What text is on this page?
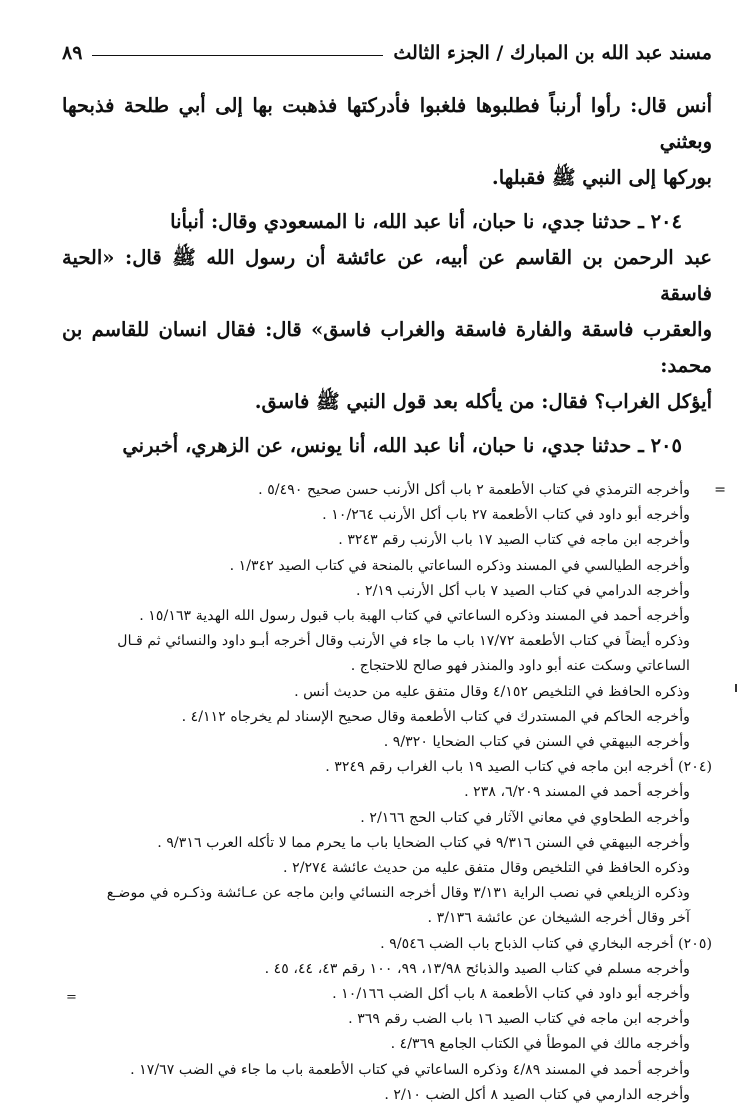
مسند عبد الله بن المبارك / الجزء الثالث
٨٩

أنس قال: رأوا أرنباً فطلبوها فلغبوا فأدركتها فذهبت بها إلى أبي طلحة فذبحها وبعثني
بوركها إلى النبي ﷺ فقبلها.

٢٠٤ ـ حدثنا جدي، نا حبان، أنا عبد الله، نا المسعودي وقال: أنبأنا
عبد الرحمن بن القاسم عن أبيه، عن عائشة أن رسول الله ﷺ قال: «الحية فاسقة
والعقرب فاسقة والفارة فاسقة والغراب فاسق» قال: فقال انسان للقاسم بن محمد:
أيؤكل الغراب؟ فقال: من يأكله بعد قول النبي ﷺ فاسق.

٢٠٥ ـ حدثنا جدي، نا حبان، أنا عبد الله، أنا يونس، عن الزهري، أخبرني

=
وأخرجه الترمذي في كتاب الأطعمة ٢ باب أكل الأرنب حسن صحيح ٥/٤٩٠ .
وأخرجه أبو داود في كتاب الأطعمة ٢٧ باب أكل الأرنب ١٠/٢٦٤ .
وأخرجه ابن ماجه في كتاب الصيد ١٧ باب الأرنب رقم ٣٢٤٣ .
وأخرجه الطيالسي في المسند وذكره الساعاتي بالمنحة في كتاب الصيد ١/٣٤٢ .
وأخرجه الدرامي في كتاب الصيد ٧ باب أكل الأرنب ٢/١٩ .
وأخرجه أحمد في المسند وذكره الساعاتي في كتاب الهبة باب قبول رسول الله الهدية ١٥/١٦٣ .
وذكره أيضاً في كتاب الأطعمة ١٧/٧٢ باب ما جاء في الأرنب وقال أخرجه أبـو داود والنسائي ثم قـال
الساعاتي وسكت عنه أبو داود والمنذر فهو صالح للاحتجاج .
وذكره الحافظ في التلخيص ٤/١٥٢ وقال متفق عليه من حديث أنس .
وأخرجه الحاكم في المستدرك في كتاب الأطعمة وقال صحيح الإسناد لم يخرجاه ٤/١١٢ .
وأخرجه البيهقي في السنن في كتاب الضحايا ٩/٣٢٠ .
(٢٠٤) أخرجه ابن ماجه في كتاب الصيد ١٩ باب الغراب رقم ٣٢٤٩ .
وأخرجه أحمد في المسند ٦/٢٠٩، ٢٣٨ .
وأخرجه الطحاوي في معاني الآثار في كتاب الحج ٢/١٦٦ .
وأخرجه البيهقي في السنن ٩/٣١٦ في كتاب الضحايا باب ما يحرم مما لا تأكله العرب ٩/٣١٦ .
وذكره الحافظ في التلخيص وقال متفق عليه من حديث عائشة ٢/٢٧٤ .
وذكره الزيلعي في نصب الراية ٣/١٣١ وقال أخرجه النسائي وابن ماجه عن عـائشة وذكـره في موضـع
آخر وقال أخرجه الشيخان عن عائشة ٣/١٣٦ .
(٢٠٥) أخرجه البخاري في كتاب الذباح باب الضب ٩/٥٤٦ .
وأخرجه مسلم في كتاب الصيد والذبائح ١٣/٩٨، ٩٩، ١٠٠ رقم ٤٣، ٤٤، ٤٥ .
وأخرجه أبو داود في كتاب الأطعمة ٨ باب أكل الضب ١٠/١٦٦ .
وأخرجه ابن ماجه في كتاب الصيد ١٦ باب الضب رقم ٣٦٩ .
وأخرجه مالك في الموطأ في الكتاب الجامع ٤/٣٦٩ .
وأخرجه أحمد في المسند ٤/٨٩ وذكره الساعاتي في كتاب الأطعمة باب ما جاء في الضب ١٧/٦٧ .
وأخرجه الدارمي في كتاب الصيد ٨ أكل الضب ٢/١٠ .
=
